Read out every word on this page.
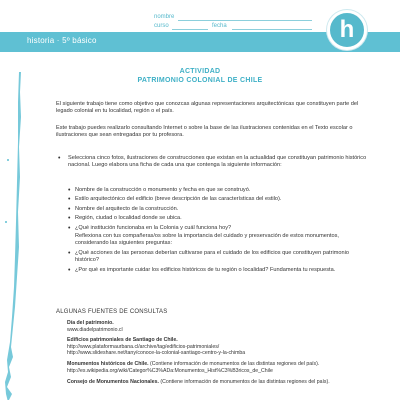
nombre
curso	fecha
historia · 5º básico	h
ACTIVIDAD
PATRIMONIO COLONIAL DE CHILE
El siguiente trabajo tiene como objetivo que conozcas algunas representaciones arquitectónicas que constituyen parte del legado colonial en tu localidad, región o el país.
Este trabajo puedes realizarlo consultando Internet o sobre la base de las ilustraciones contenidas en el Texto escolar o ilustraciones que sean entregadas por tu profesora.
•	Selecciona cinco fotos, ilustraciones de construcciones que existan en la actualidad que constituyan patrimonio histórico nacional. Luego elabora una ficha de cada una que contenga la siguiente información:
• Nombre de la construcción o monumento y fecha en que se construyó.
• Estilo arquitectónico del edificio (breve descripción de las características del estilo).
• Nombre del arquitecto de la construcción.
• Región, ciudad o localidad donde se ubica.
• ¿Qué institución funcionaba en la Colonia y cuál funciona hoy?
Reflexiona con tus compañeras/os sobre la importancia del cuidado y preservación de estos monumentos, considerando las siguientes preguntas:
• ¿Qué acciones de las personas deberían cultivarse para el cuidado de los edificios que constituyen patrimonio histórico?
• ¿Por qué es importante cuidar los edificios históricos de tu región o localidad? Fundamenta tu respuesta.
ALGUNAS FUENTES DE CONSULTAS
Día del patrimonio.
www.diadelpatrimonio.cl
Edificios patrimoniales de Santiago de Chile.
http://www.plataformaurbana.cl/archive/tag/edificios-patrimoniales/
http://www.slideshare.net/tany/conoce-la-colonial-santiago-centro-y-la-chimba
Monumentos históricos de Chile. (Contiene información de monumentos de las distintas regiones del país).
http://es.wikipedia.org/wiki/Categor%C3%ADa:Monumentos_Hist%C3%B3ricos_de_Chile
Consejo de Monumentos Nacionales. (Contiene información de monumentos de las distintas regiones del país).
